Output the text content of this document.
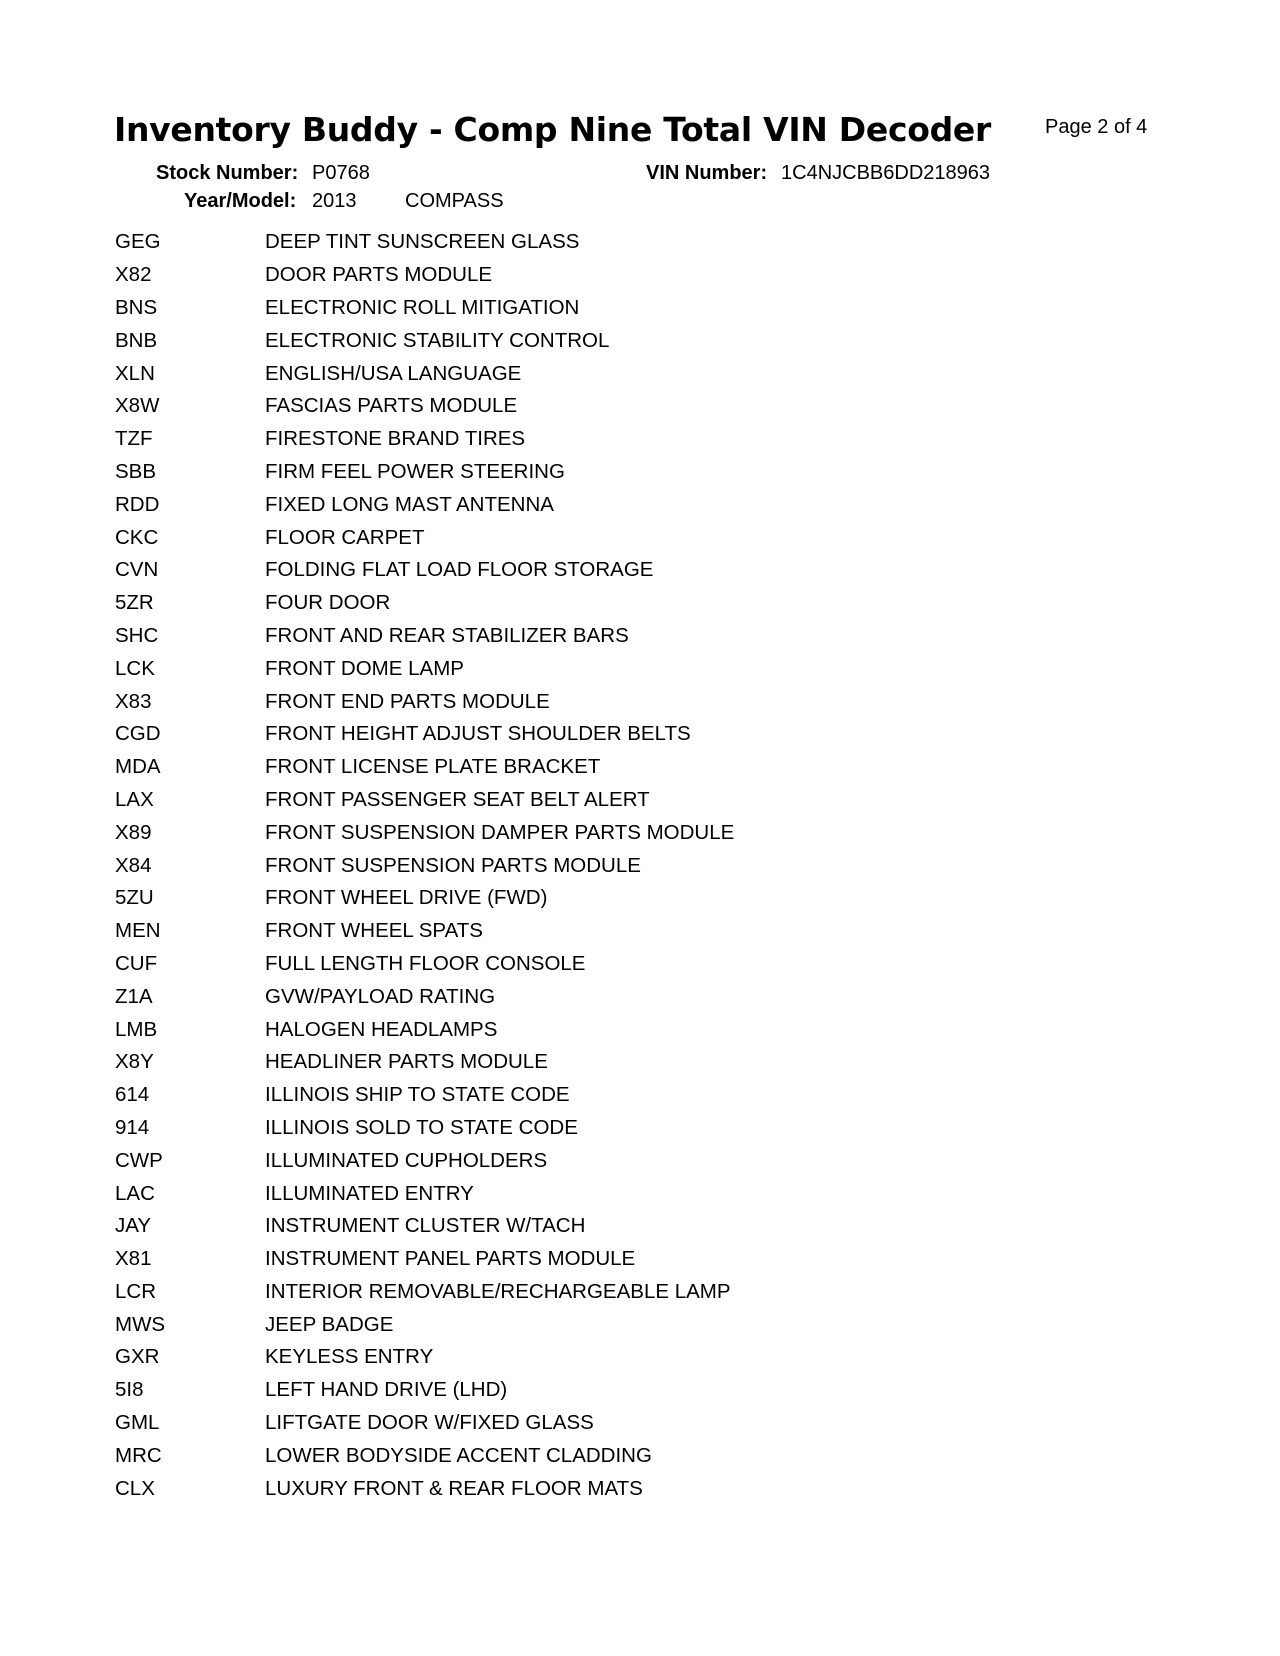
Inventory Buddy - Comp Nine Total VIN Decoder	Page 2 of 4
Stock Number: P0768	VIN Number: 1C4NJCBB6DD218963
Year/Model: 2013 COMPASS
GEG	DEEP TINT SUNSCREEN GLASS
X82	DOOR PARTS MODULE
BNS	ELECTRONIC ROLL MITIGATION
BNB	ELECTRONIC STABILITY CONTROL
XLN	ENGLISH/USA LANGUAGE
X8W	FASCIAS PARTS MODULE
TZF	FIRESTONE BRAND TIRES
SBB	FIRM FEEL POWER STEERING
RDD	FIXED LONG MAST ANTENNA
CKC	FLOOR CARPET
CVN	FOLDING FLAT LOAD FLOOR STORAGE
5ZR	FOUR DOOR
SHC	FRONT AND REAR STABILIZER BARS
LCK	FRONT DOME LAMP
X83	FRONT END PARTS MODULE
CGD	FRONT HEIGHT ADJUST SHOULDER BELTS
MDA	FRONT LICENSE PLATE BRACKET
LAX	FRONT PASSENGER SEAT BELT ALERT
X89	FRONT SUSPENSION DAMPER PARTS MODULE
X84	FRONT SUSPENSION PARTS MODULE
5ZU	FRONT WHEEL DRIVE (FWD)
MEN	FRONT WHEEL SPATS
CUF	FULL LENGTH FLOOR CONSOLE
Z1A	GVW/PAYLOAD RATING
LMB	HALOGEN HEADLAMPS
X8Y	HEADLINER PARTS MODULE
614	ILLINOIS SHIP TO STATE CODE
914	ILLINOIS SOLD TO STATE CODE
CWP	ILLUMINATED CUPHOLDERS
LAC	ILLUMINATED ENTRY
JAY	INSTRUMENT CLUSTER W/TACH
X81	INSTRUMENT PANEL PARTS MODULE
LCR	INTERIOR REMOVABLE/RECHARGEABLE LAMP
MWS	JEEP BADGE
GXR	KEYLESS ENTRY
5I8	LEFT HAND DRIVE (LHD)
GML	LIFTGATE DOOR W/FIXED GLASS
MRC	LOWER BODYSIDE ACCENT CLADDING
CLX	LUXURY FRONT & REAR FLOOR MATS
